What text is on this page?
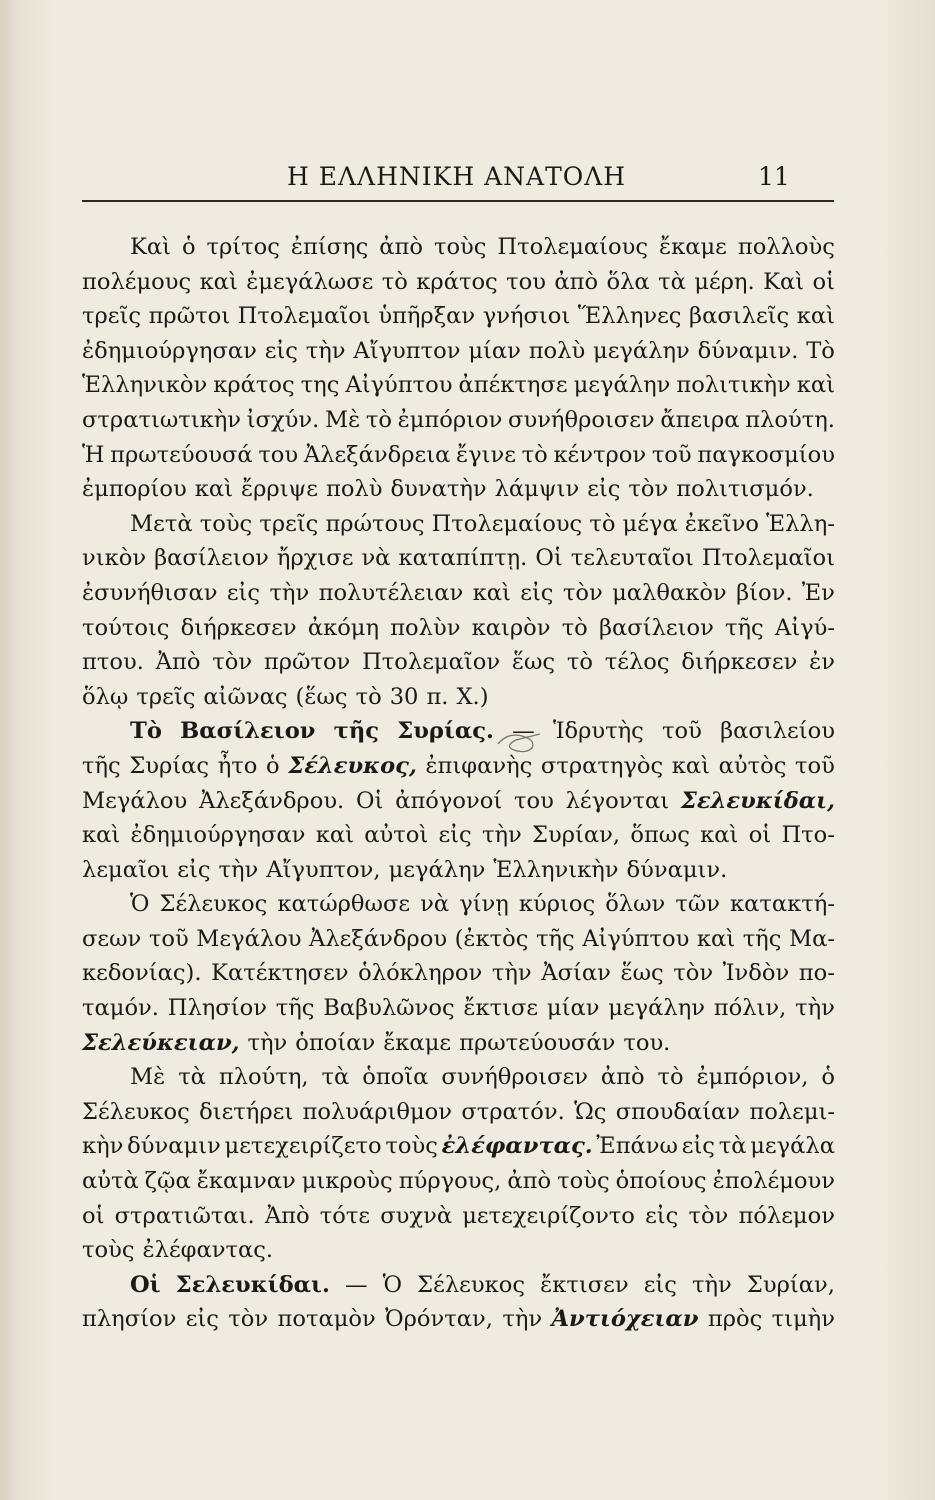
Η ΕΛΛΗΝΙΚΗ ΑΝΑΤΟΛΗ	11
Καὶ ὁ τρίτος ἐπίσης ἀπὸ τοὺς Πτολεμαίους ἔκαμε πολλοὺς
πολέμους καὶ ἐμεγάλωσε τὸ κράτος του ἀπὸ ὅλα τὰ μέρη. Καὶ οἱ
τρεῖς πρῶτοι Πτολεμαῖοι ὑπῆρξαν γνήσιοι Ἕλληνες βασιλεῖς καὶ
ἐδημιούργησαν εἰς τὴν Αἴγυπτον μίαν πολὺ μεγάλην δύναμιν. Τὸ
Ἑλληνικὸν κράτος της Αἰγύπτου ἀπέκτησε μεγάλην πολιτικὴν καὶ
στρατιωτικὴν ἰσχύν. Μὲ τὸ ἐμπόριον συνήθροισεν ἄπειρα πλούτη.
Ἡ πρωτεύουσά του Ἀλεξάνδρεια ἔγινε τὸ κέντρον τοῦ παγκοσμίου
ἐμπορίου καὶ ἔρριψε πολὺ δυνατὴν λάμψιν εἰς τὸν πολιτισμόν.
Μετὰ τοὺς τρεῖς πρώτους Πτολεμαίους τὸ μέγα ἐκεῖνο Ἑλλη-
νικὸν βασίλειον ἤρχισε νὰ καταπίπτῃ. Οἱ τελευταῖοι Πτολεμαῖοι
ἐσυνήθισαν εἰς τὴν πολυτέλειαν καὶ εἰς τὸν μαλθακὸν βίον. Ἐν
τούτοις διήρκεσεν ἀκόμη πολὺν καιρὸν τὸ βασίλειον τῆς Αἰγύ-
πτου. Ἀπὸ τὸν πρῶτον Πτολεμαῖον ἕως τὸ τέλος διήρκεσεν ἐν
ὅλῳ τρεῖς αἰῶνας (ἕως τὸ 30 π. Χ.)
Τὸ Βασίλειον τῆς Συρίας. — Ἱδρυτὴς τοῦ βασιλείου
τῆς Συρίας ἦτο ὁ Σέλευκος, ἐπιφανὴς στρατηγὸς καὶ αὐτὸς τοῦ
Μεγάλου Ἀλεξάνδρου. Οἱ ἀπόγονοί του λέγονται Σελευκίδαι,
καὶ ἐδημιούργησαν καὶ αὐτοὶ εἰς τὴν Συρίαν, ὅπως καὶ οἱ Πτο-
λεμαῖοι εἰς τὴν Αἴγυπτον, μεγάλην Ἑλληνικὴν δύναμιν.
Ὁ Σέλευκος κατώρθωσε νὰ γίνῃ κύριος ὅλων τῶν κατακτή-
σεων τοῦ Μεγάλου Ἀλεξάνδρου (ἐκτὸς τῆς Αἰγύπτου καὶ τῆς Μα-
κεδονίας). Κατέκτησεν ὁλόκληρον τὴν Ἀσίαν ἕως τὸν Ἰνδὸν πο-
ταμόν. Πλησίον τῆς Βαβυλῶνος ἔκτισε μίαν μεγάλην πόλιν, τὴν
Σελεύκειαν, τὴν ὁποίαν ἔκαμε πρωτεύουσάν του.
Μὲ τὰ πλούτη, τὰ ὁποῖα συνήθροισεν ἀπὸ τὸ ἐμπόριον, ὁ
Σέλευκος διετήρει πολυάριθμον στρατόν. Ὡς σπουδαίαν πολεμι-
κὴν δύναμιν μετεχειρίζετο τοὺς ἐλέφαντας. Ἐπάνω εἰς τὰ μεγάλα
αὐτὰ ζῷα ἔκαμναν μικροὺς πύργους, ἀπὸ τοὺς ὁποίους ἐπολέμουν
οἱ στρατιῶται. Ἀπὸ τότε συχνὰ μετεχειρίζοντο εἰς τὸν πόλεμον
τοὺς ἐλέφαντας.
Οἱ Σελευκίδαι. — Ὁ Σέλευκος ἔκτισεν εἰς τὴν Συρίαν,
πλησίον εἰς τὸν ποταμὸν Ὀρόνταν, τὴν Ἀντιόχειαν πρὸς τιμὴν
